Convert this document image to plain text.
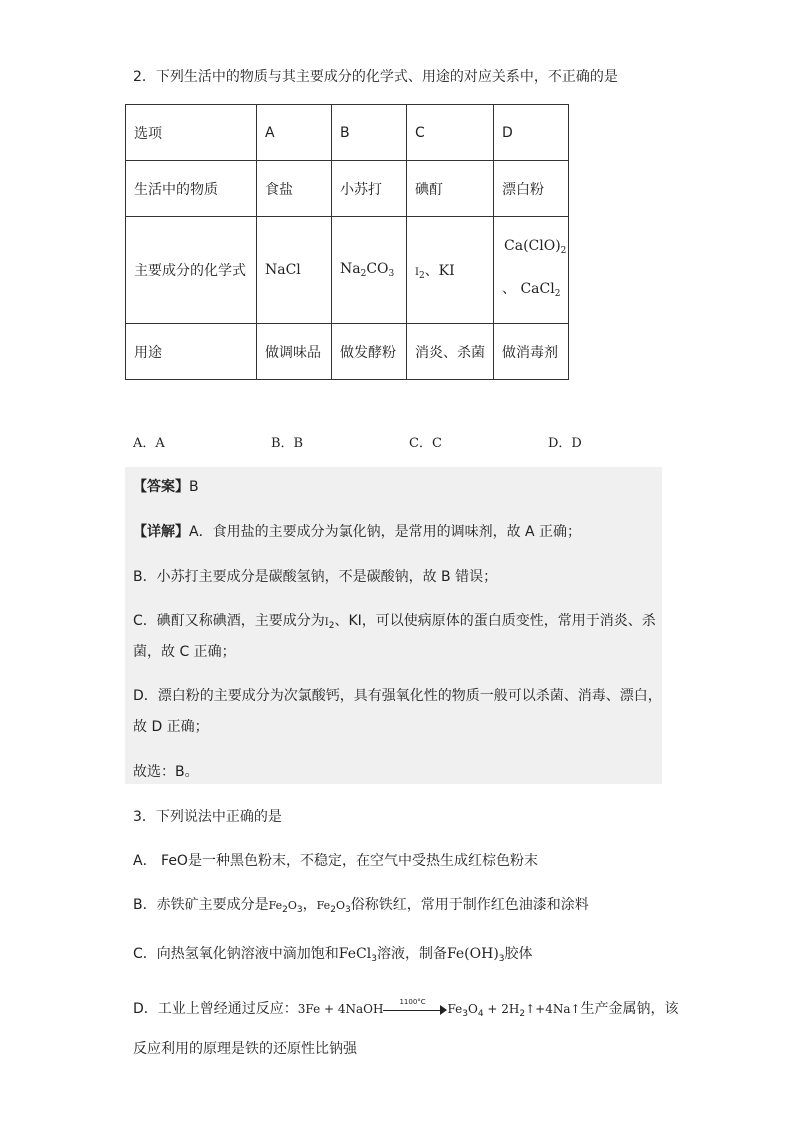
2．下列生活中的物质与其主要成分的化学式、用途的对应关系中，不正确的是
选项	A	B	C	D
生活中的物质	食盐	小苏打	碘酊	漂白粉
主要成分的化学式	NaCl	$Na_2CO_3$	$I_2$、KI	$Ca(ClO)_2$
、 CaCl$_2$

用途	做调味品	做发酵粉	消炎、杀菌	做消毒剂
A．A	B．B	C．C	D．D
【答案】B
【详解】A．食用盐的主要成分为氯化钠，是常用的调味剂，故 A 正确；
B．小苏打主要成分是碳酸氢钠，不是碳酸钠，故 B 错误；
C．碘酊又称碘酒，主要成分为$I_2$、KI，可以使病原体的蛋白质变性，常用于消炎、杀
菌，故 C 正确；
D．漂白粉的主要成分为次氯酸钙，具有强氧化性的物质一般可以杀菌、消毒、漂白，
故 D 正确；
故选：B。
3．下列说法中正确的是
A． FeO是一种黑色粉末，不稳定，在空气中受热生成红棕色粉末
B．赤铁矿主要成分是$Fe_2O_3$，$Fe_2O_3$俗称铁红，常用于制作红色油漆和涂料
C．向热氢氧化钠溶液中滴加饱和FeCl$_3$溶液，制备$Fe(OH)_3$胶体
D．工业上曾经通过反应：3Fe + 4NaOH 1100°C $Fe_3O_4$ + $2H_2↑+4Na↑$生产金属钠，该
反应利用的原理是铁的还原性比钠强
